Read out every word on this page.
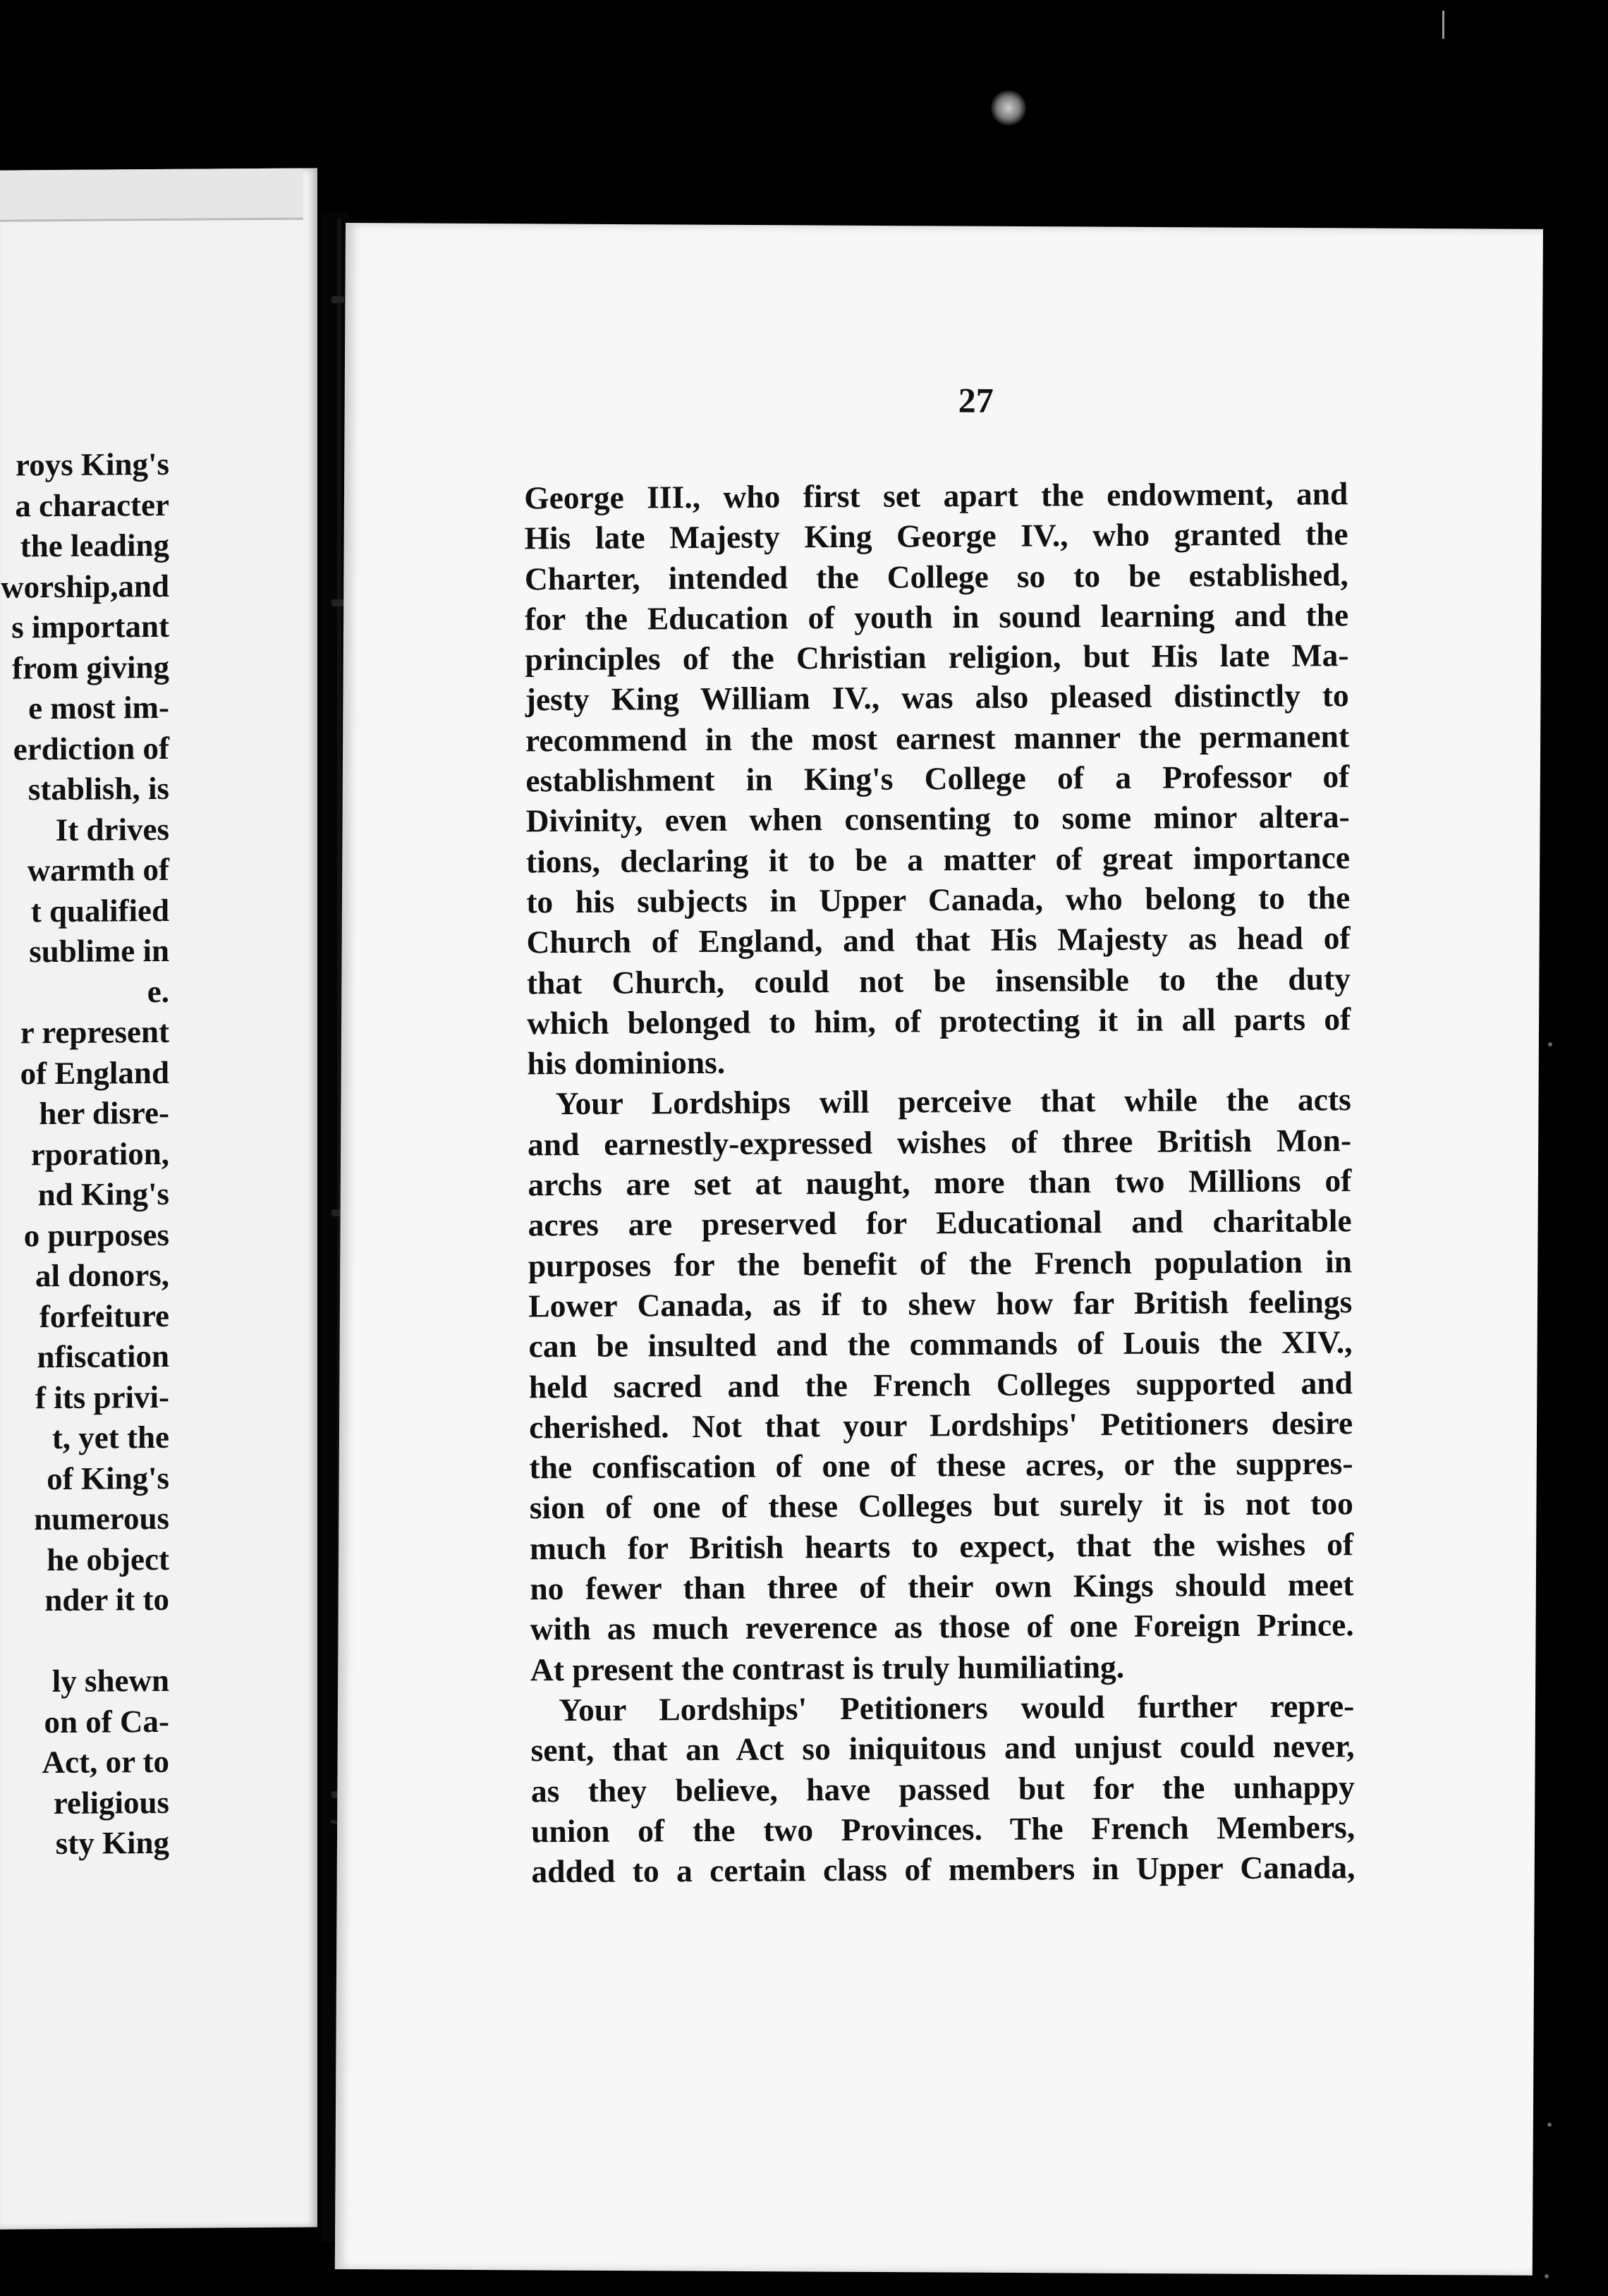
roys King's
a character
the leading
worship,and
s important
from giving
e most im-
erdiction of
stablish, is
It drives
warmth of
t qualified
sublime in
e.
r represent
of England
her disre-
rporation,
nd King's
o purposes
al donors,
forfeiture
nfiscation
f its privi-
t, yet the
of King's
numerous
he object
nder it to
ly shewn
on of Ca-
Act, or to
religious
sty King
27
George III., who first set apart the endowment, and
His late Majesty King George IV., who granted the
Charter, intended the College so to be established,
for the Education of youth in sound learning and the
principles of the Christian religion, but His late Ma-
jesty King William IV., was also pleased distinctly to
recommend in the most earnest manner the permanent
establishment in King's College of a Professor of
Divinity, even when consenting to some minor altera-
tions, declaring it to be a matter of great importance
to his subjects in Upper Canada, who belong to the
Church of England, and that His Majesty as head of
that Church, could not be insensible to the duty
which belonged to him, of protecting it in all parts of
his dominions.
Your Lordships will perceive that while the acts
and earnestly-expressed wishes of three British Mon-
archs are set at naught, more than two Millions of
acres are preserved for Educational and charitable
purposes for the benefit of the French population in
Lower Canada, as if to shew how far British feelings
can be insulted and the commands of Louis the XIV.,
held sacred and the French Colleges supported and
cherished. Not that your Lordships' Petitioners desire
the confiscation of one of these acres, or the suppres-
sion of one of these Colleges but surely it is not too
much for British hearts to expect, that the wishes of
no fewer than three of their own Kings should meet
with as much reverence as those of one Foreign Prince.
At present the contrast is truly humiliating.
Your Lordships' Petitioners would further repre-
sent, that an Act so iniquitous and unjust could never,
as they believe, have passed but for the unhappy
union of the two Provinces. The French Members,
added to a certain class of members in Upper Canada,
